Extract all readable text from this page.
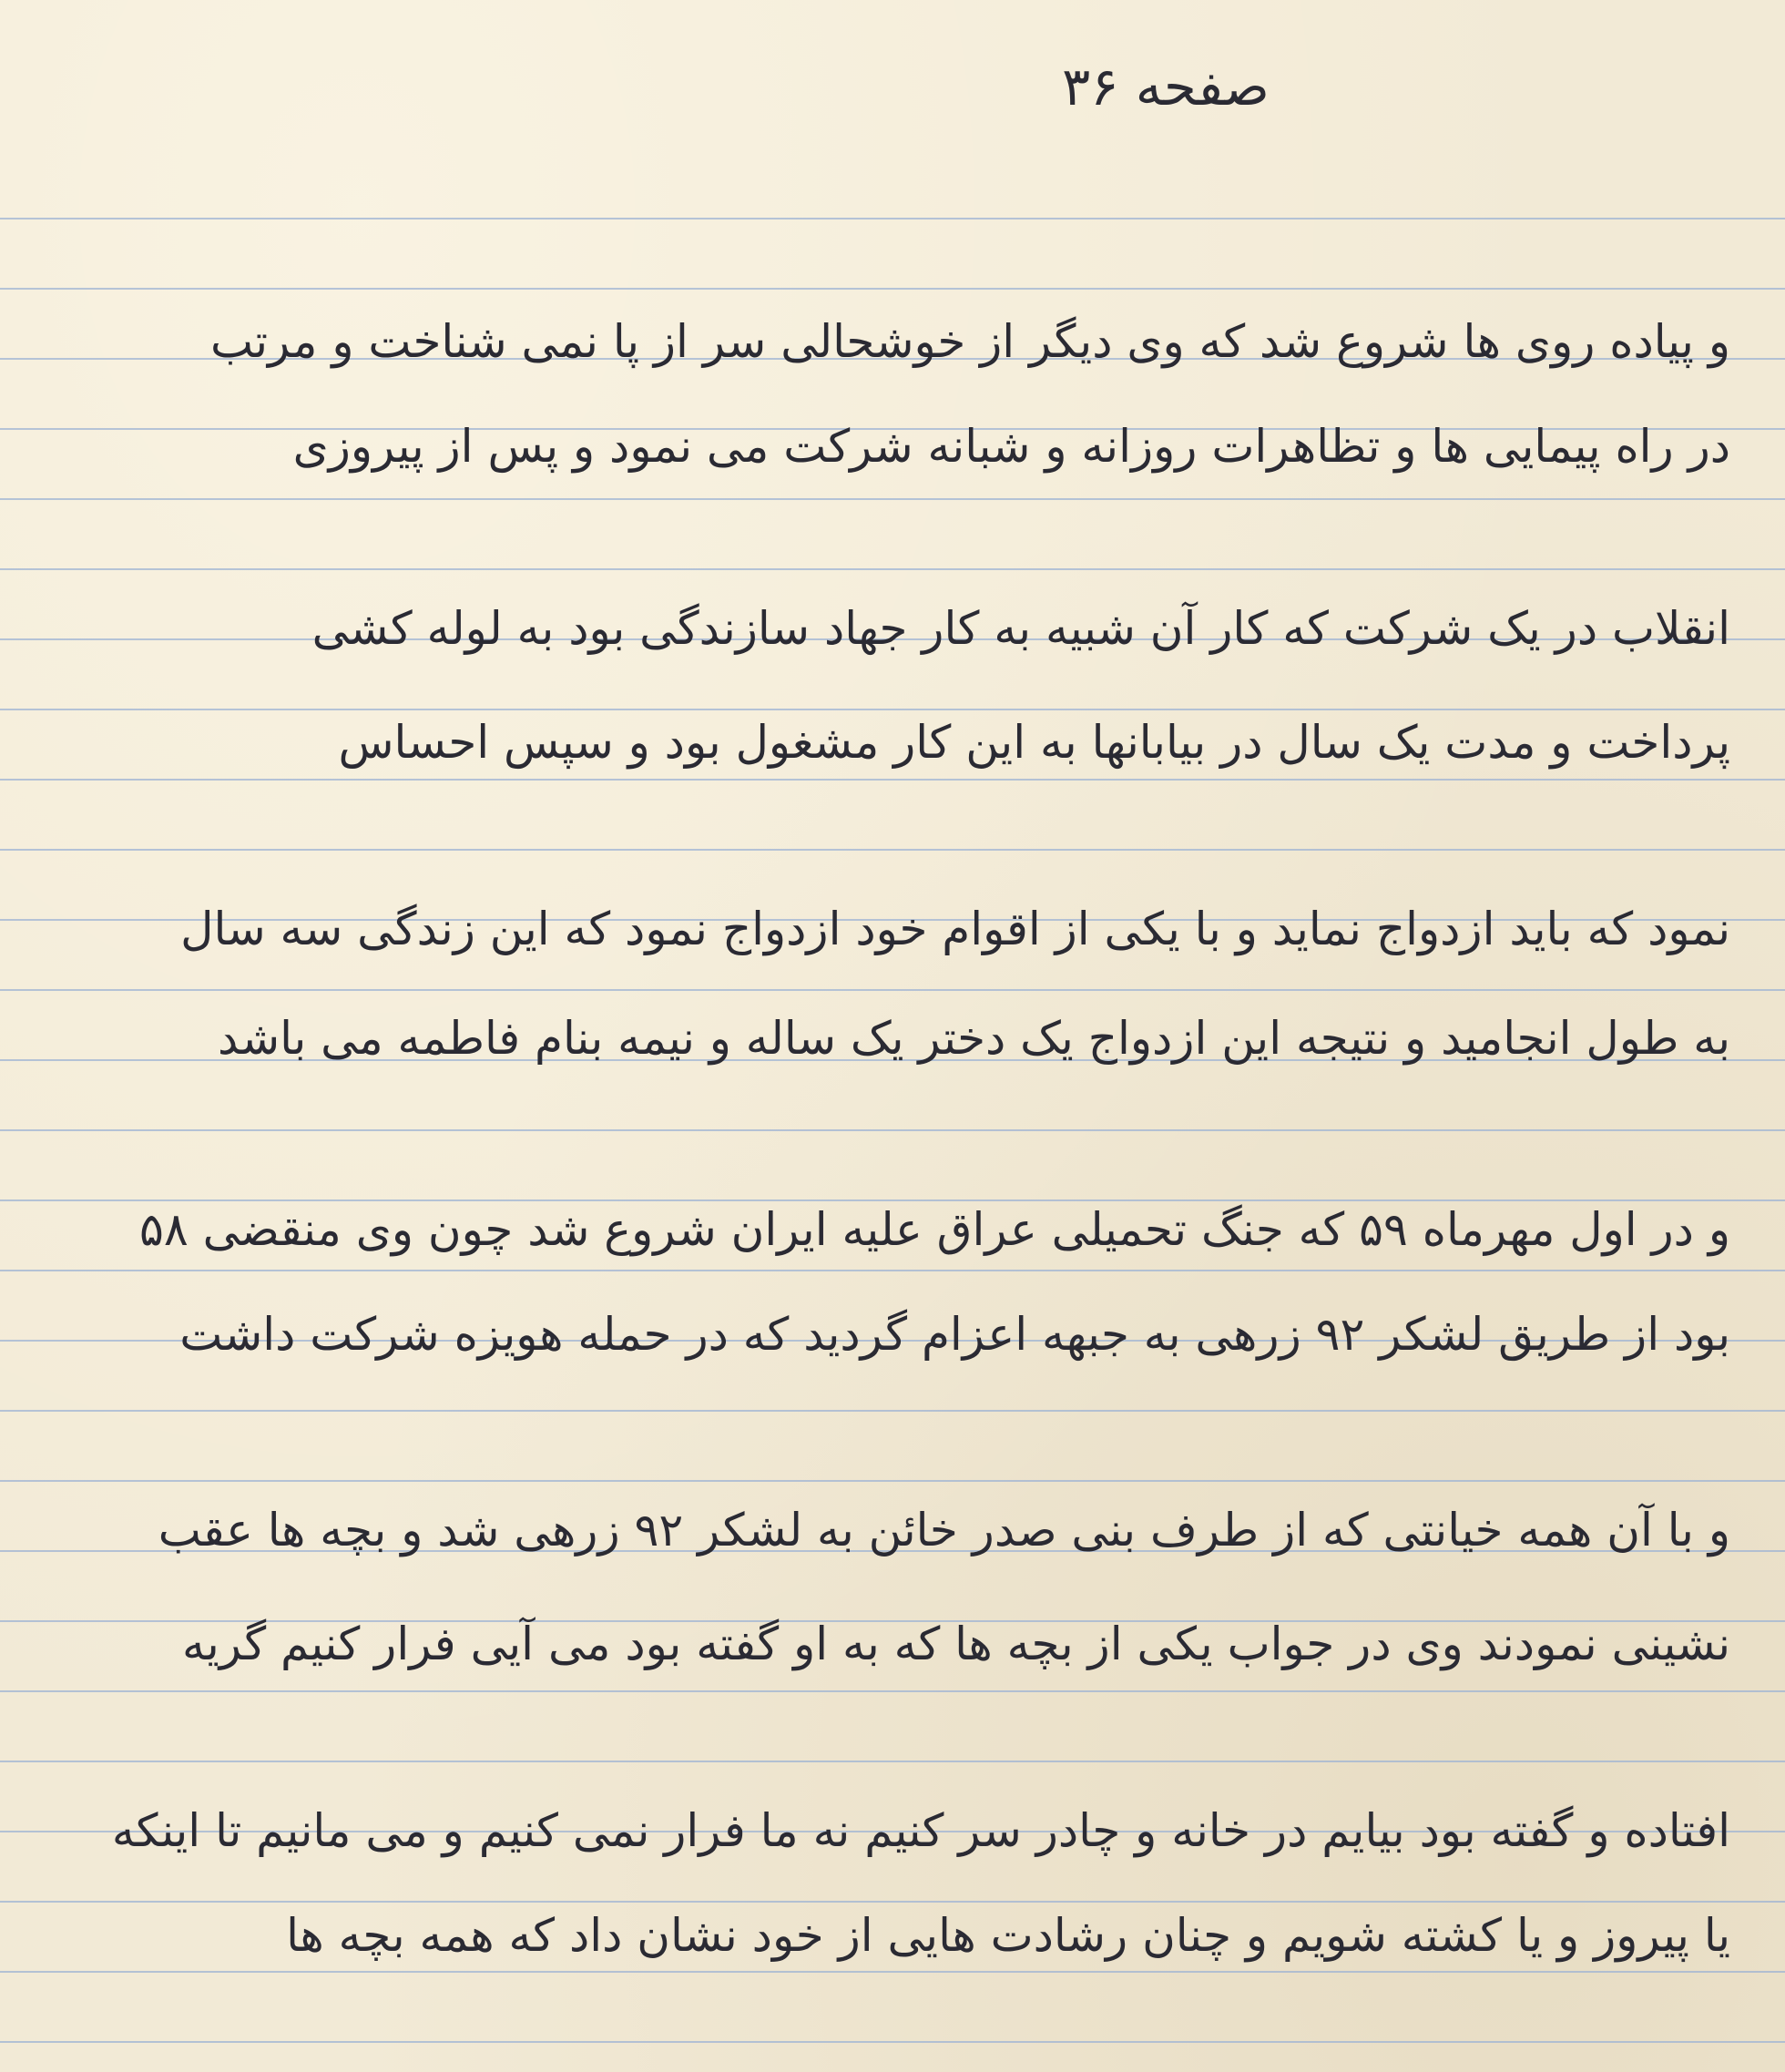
صفحه ۳۶
و پیاده روی ها شروع شد که وی دیگر از خوشحالی سر از پا نمی شناخت و مرتب
در راه پیمایی ها و تظاهرات روزانه و شبانه شرکت می نمود و پس از پیروزی
انقلاب در یک شرکت که کار آن شبیه به کار جهاد سازندگی بود به لوله کشی
پرداخت و مدت یک سال در بیابانها به این کار مشغول بود و سپس احساس
نمود که باید ازدواج نماید و با یکی از اقوام خود ازدواج نمود که این زندگی سه سال
به طول انجامید و نتیجه این ازدواج یک دختر یک ساله و نیمه بنام فاطمه می باشد
و در اول مهرماه ۵۹ که جنگ تحمیلی عراق علیه ایران شروع شد چون وی منقضی ۵۸
بود از طریق لشکر ۹۲ زرهی به جبهه اعزام گردید که در حمله هویزه شرکت داشت
و با آن همه خیانتی که از طرف بنی صدر خائن به لشکر ۹۲ زرهی شد و بچه ها عقب
نشینی نمودند وی در جواب یکی از بچه ها که به او گفته بود می آیی فرار کنیم گریه
افتاده و گفته بود بیایم در خانه و چادر سر کنیم نه ما فرار نمی کنیم و می مانیم تا اینکه
یا پیروز و یا کشته شویم و چنان رشادت هایی از خود نشان داد که همه بچه ها
